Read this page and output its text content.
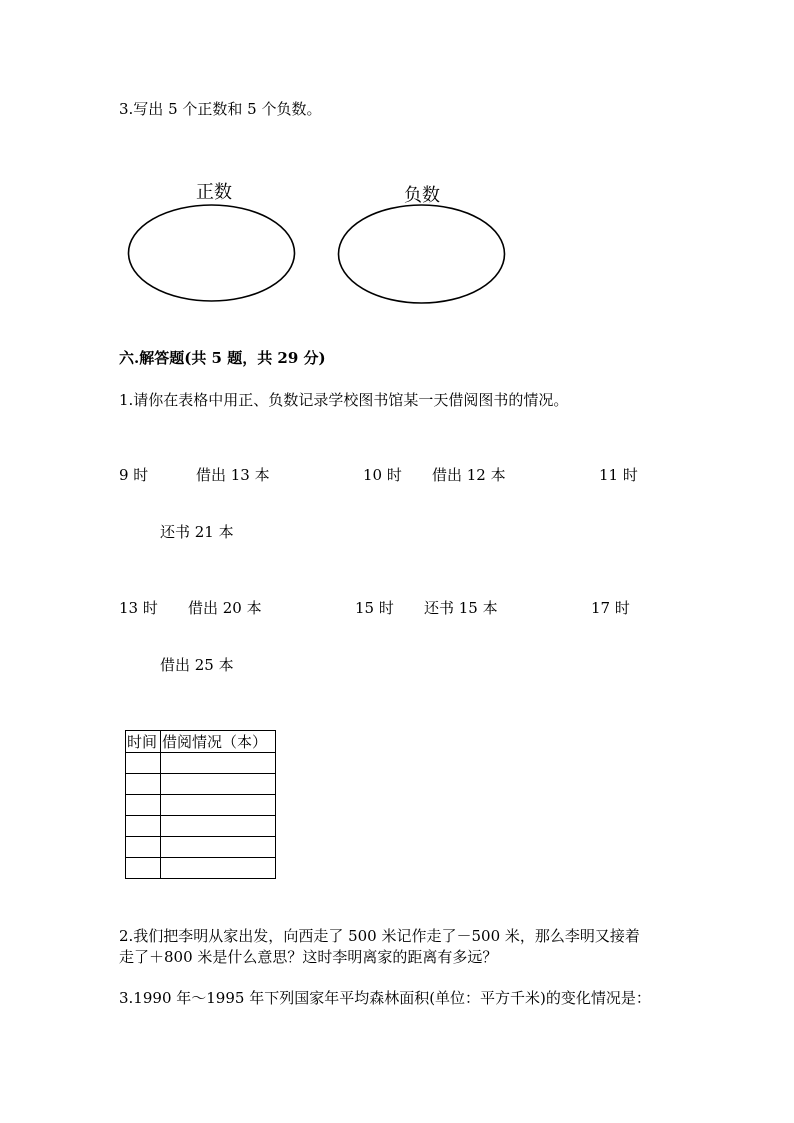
3.写出 5 个正数和 5 个负数。
正数	负数
六.解答题(共 5 题，共 29 分)
1.请你在表格中用正、负数记录学校图书馆某一天借阅图书的情况。
9 时	借出 13 本	10 时 借出 12 本	11 时
还书 21 本
13 时 借出 20 本	15 时 还书 15 本	17 时
借出 25 本
时间	借阅情况（本）

2.我们把李明从家出发，向西走了 500 米记作走了－500 米，那么李明又接着
走了＋800 米是什么意思？这时李明离家的距离有多远？
3.1990 年～1995 年下列国家年平均森林面积(单位：平方千米)的变化情况是：
